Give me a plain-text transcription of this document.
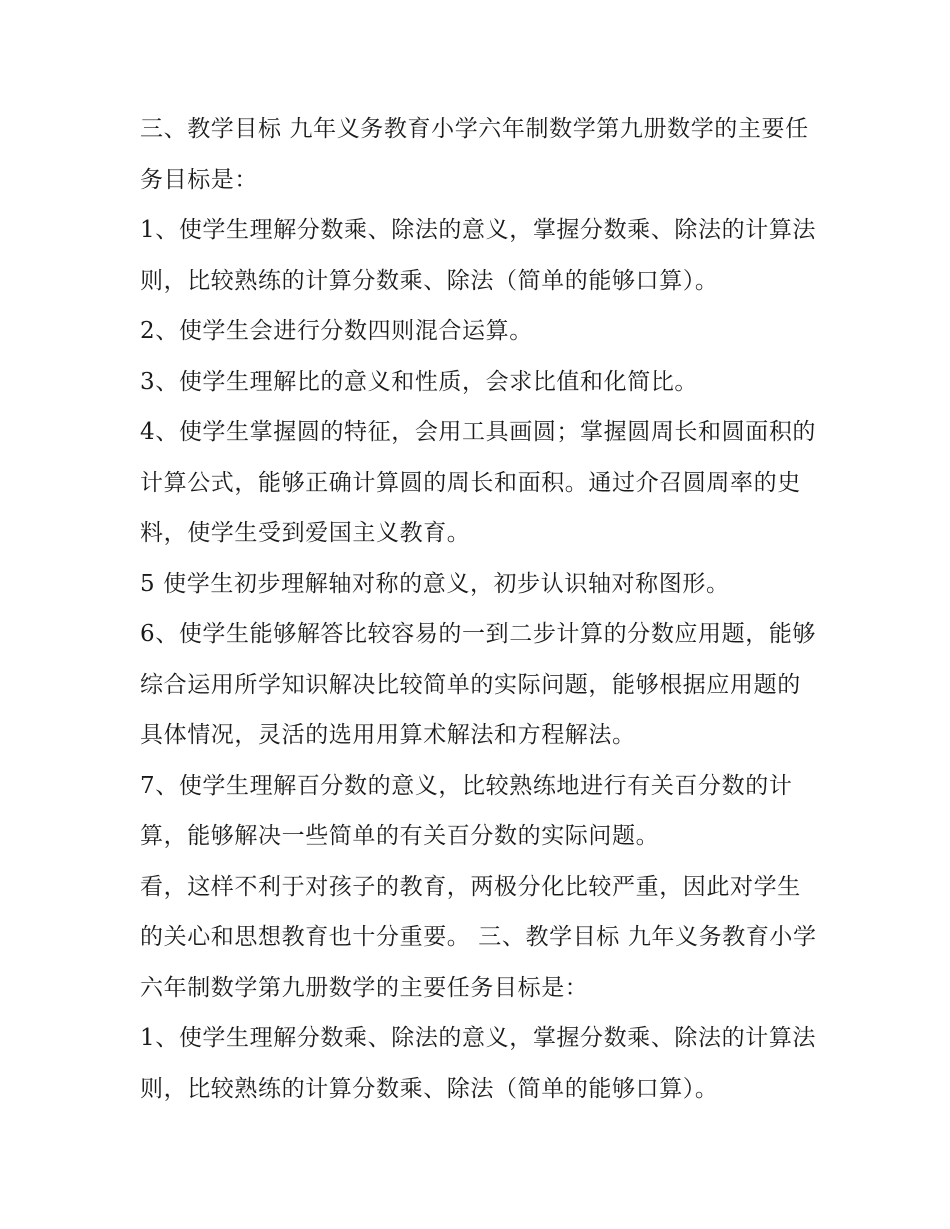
三、教学目标 九年义务教育小学六年制数学第九册数学的主要任务目标是：

1、使学生理解分数乘、除法的意义，掌握分数乘、除法的计算法则，比较熟练的计算分数乘、除法（简单的能够口算）。

2、使学生会进行分数四则混合运算。

3、使学生理解比的意义和性质，会求比值和化简比。

4、使学生掌握圆的特征，会用工具画圆；掌握圆周长和圆面积的计算公式，能够正确计算圆的周长和面积。通过介召圆周率的史料，使学生受到爱国主义教育。

5 使学生初步理解轴对称的意义，初步认识轴对称图形。

6、使学生能够解答比较容易的一到二步计算的分数应用题，能够综合运用所学知识解决比较简单的实际问题，能够根据应用题的具体情况，灵活的选用用算术解法和方程解法。

7、使学生理解百分数的意义，比较熟练地进行有关百分数的计算，能够解决一些简单的有关百分数的实际问题。

看，这样不利于对孩子的教育，两极分化比较严重，因此对学生的关心和思想教育也十分重要。 三、教学目标 九年义务教育小学六年制数学第九册数学的主要任务目标是：

1、使学生理解分数乘、除法的意义，掌握分数乘、除法的计算法则，比较熟练的计算分数乘、除法（简单的能够口算）。
